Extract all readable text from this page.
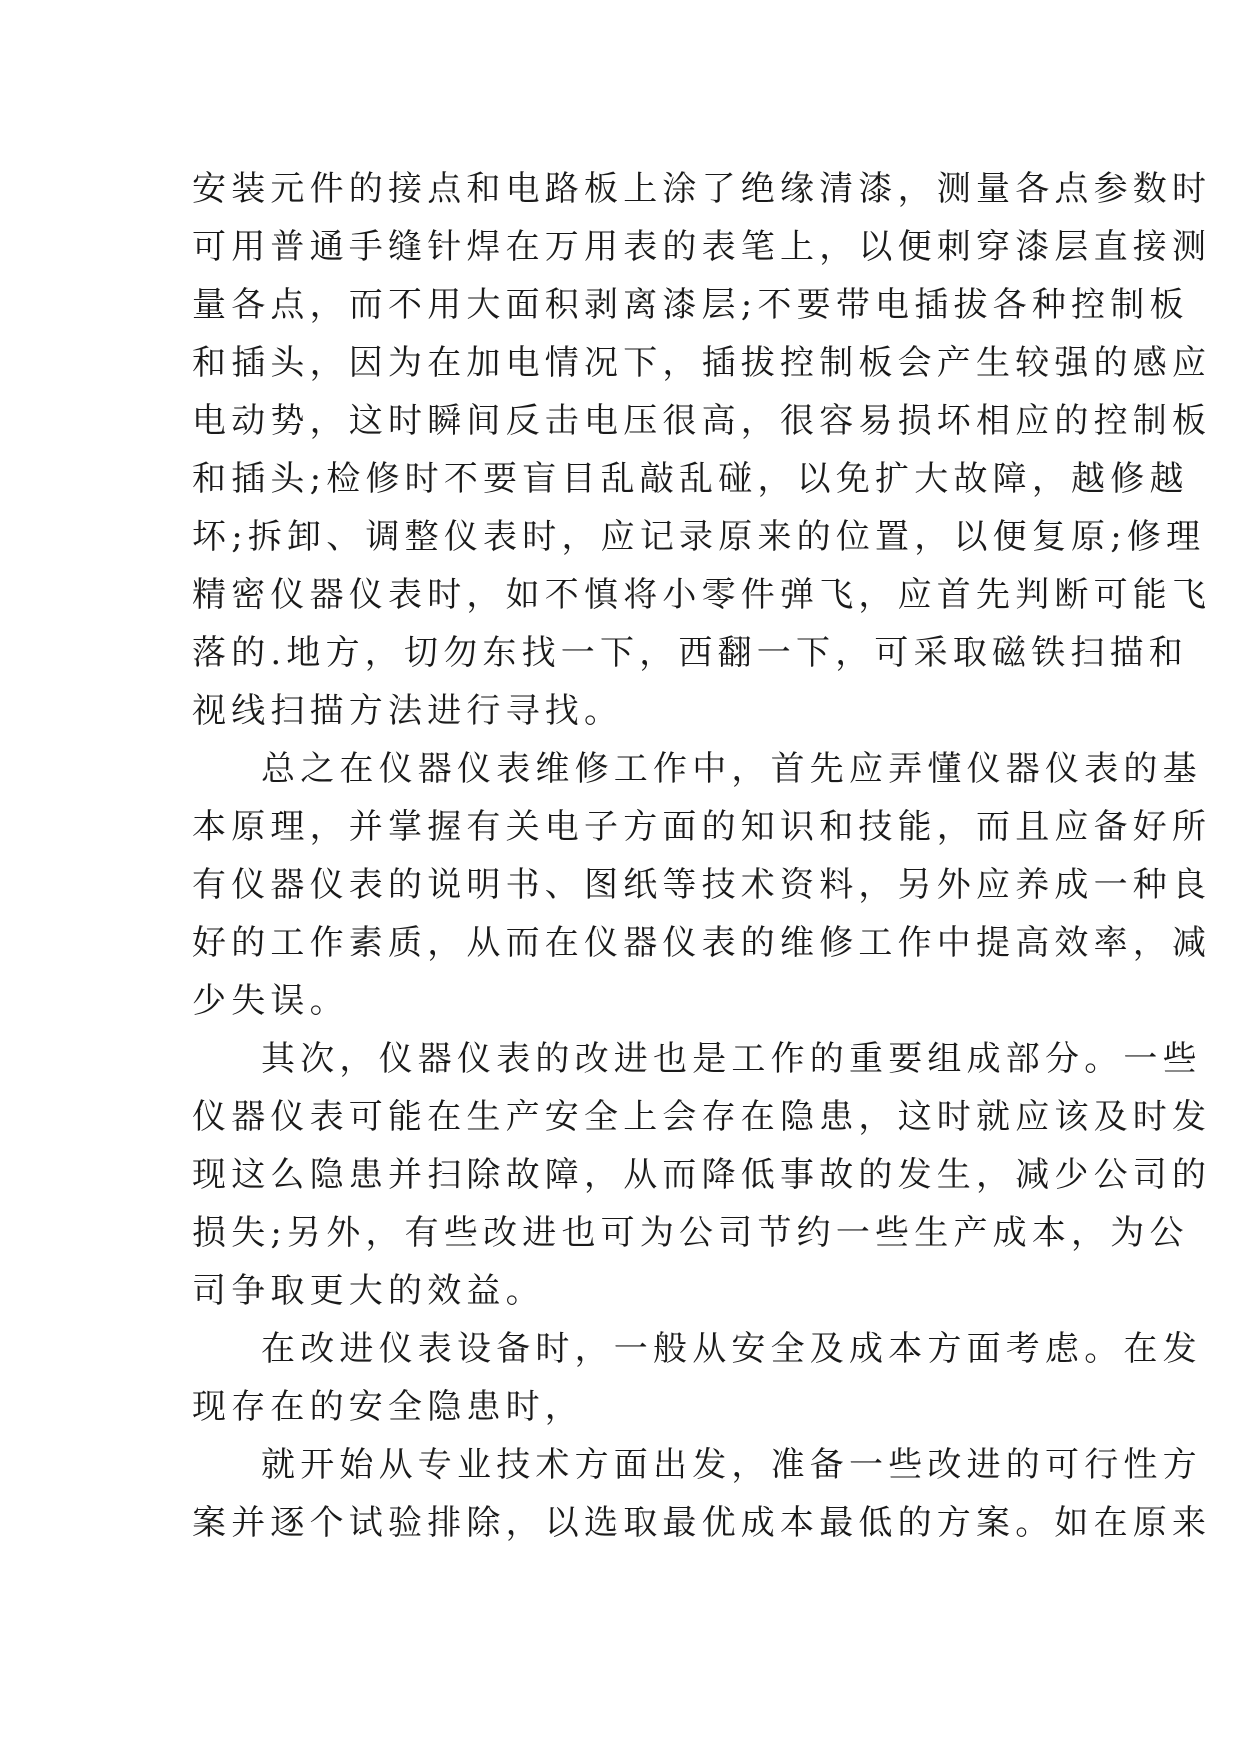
安装元件的接点和电路板上涂了绝缘清漆，测量各点参数时
可用普通手缝针焊在万用表的表笔上，以便刺穿漆层直接测
量各点，而不用大面积剥离漆层;不要带电插拔各种控制板
和插头，因为在加电情况下，插拔控制板会产生较强的感应
电动势，这时瞬间反击电压很高，很容易损坏相应的控制板
和插头;检修时不要盲目乱敲乱碰，以免扩大故障，越修越
坏;拆卸、调整仪表时，应记录原来的位置，以便复原;修理
精密仪器仪表时，如不慎将小零件弹飞，应首先判断可能飞
落的.地方，切勿东找一下，西翻一下，可采取磁铁扫描和
视线扫描方法进行寻找。
总之在仪器仪表维修工作中，首先应弄懂仪器仪表的基
本原理，并掌握有关电子方面的知识和技能，而且应备好所
有仪器仪表的说明书、图纸等技术资料，另外应养成一种良
好的工作素质，从而在仪器仪表的维修工作中提高效率，减
少失误。
其次，仪器仪表的改进也是工作的重要组成部分。一些
仪器仪表可能在生产安全上会存在隐患，这时就应该及时发
现这么隐患并扫除故障，从而降低事故的发生，减少公司的
损失;另外，有些改进也可为公司节约一些生产成本，为公
司争取更大的效益。
在改进仪表设备时，一般从安全及成本方面考虑。在发
现存在的安全隐患时，
就开始从专业技术方面出发，准备一些改进的可行性方
案并逐个试验排除，以选取最优成本最低的方案。如在原来
